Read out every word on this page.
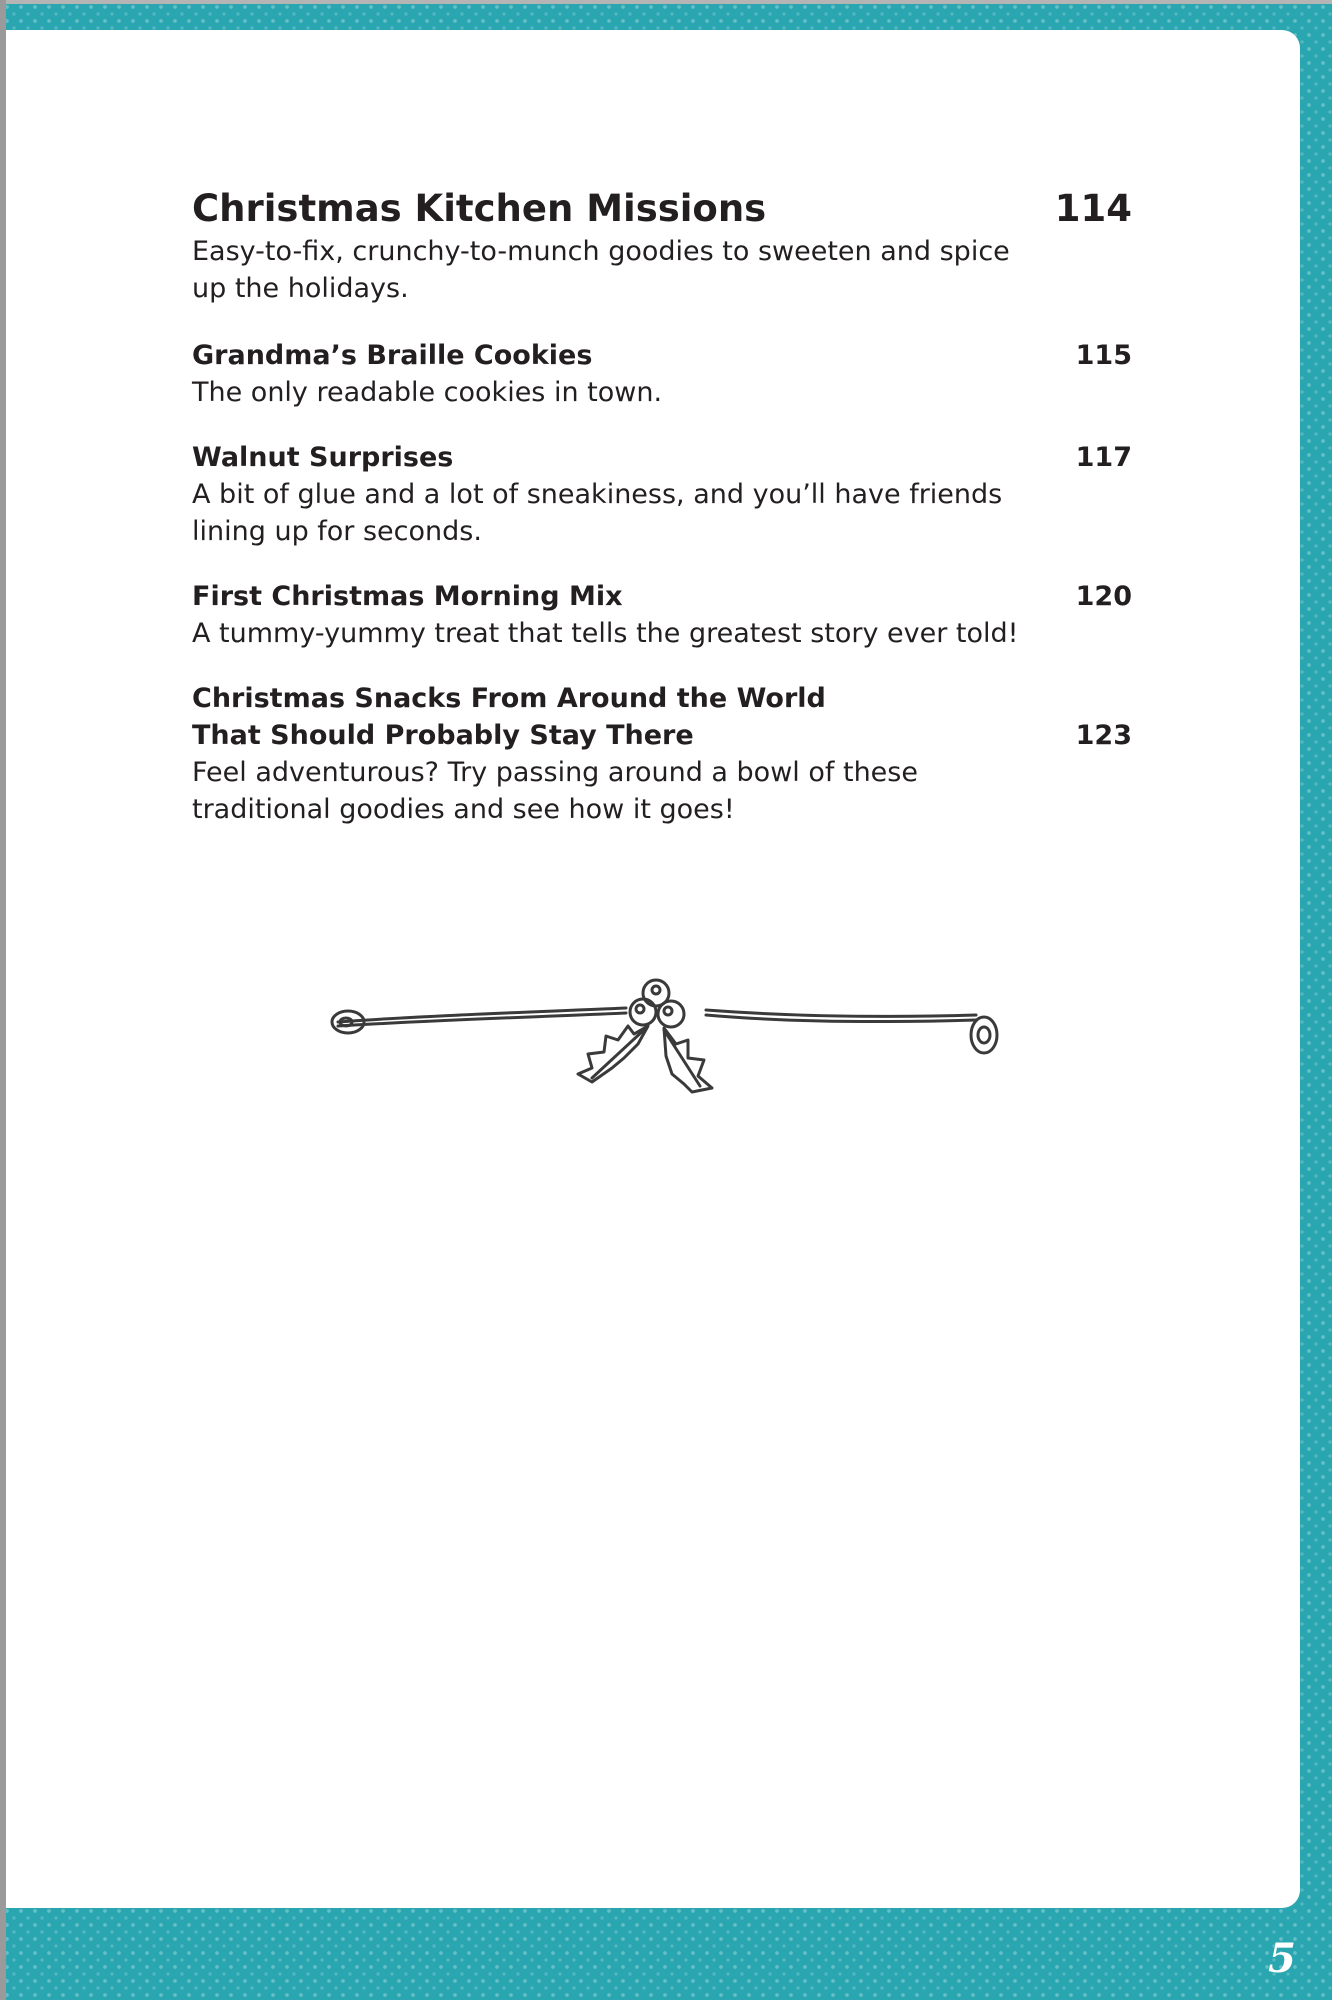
Christmas Kitchen Missions	114
Easy-to-fix, crunchy-to-munch goodies to sweeten and spice up the holidays.
Grandma’s Braille Cookies	115
The only readable cookies in town.
Walnut Surprises	117
A bit of glue and a lot of sneakiness, and you’ll have friends lining up for seconds.
First Christmas Morning Mix	120
A tummy-yummy treat that tells the greatest story ever told!
Christmas Snacks From Around the World
That Should Probably Stay There	123
Feel adventurous? Try passing around a bowl of these traditional goodies and see how it goes!
5
